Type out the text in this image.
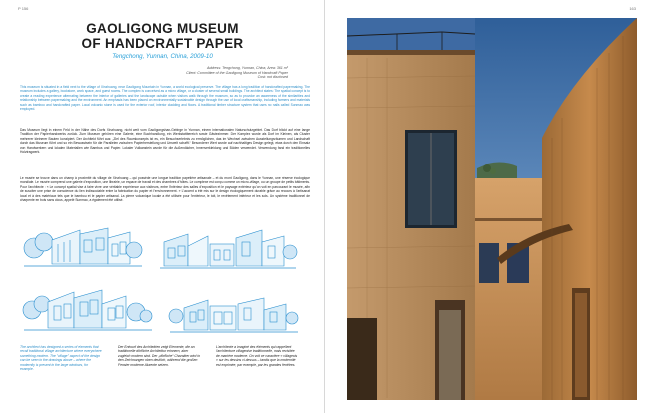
P 156
GAOLIGONG MUSEUM
OF HANDCRAFT PAPER
Tengchong, Yunnan, China, 2009-10
Address: Tengchong, Yunnan, China, Area: 361 m²
Client: Committee of the Gaoligong Museum of Handcraft Paper
Cost: not disclosed
This museum is situated in a field next to the village of Xinzhuang, near Gaoligong Mountain in Yunnan, a world ecological preserve. The village has a long tradition of handcrafted papermaking. The museum includes a gallery, bookstore, work space, and guest rooms. The complex is conceived as a micro village, or a cluster of several small buildings. The architect states: The spatial concept is to create a reading experience alternating between the interior of galleries and the landscape outside when visitors walk through the museum, so as to provoke an awareness of the similarities and relationship between papermaking and the environment. An emphasis has been placed on environmentally sustainable design through the use of local craftsmanship, including farmers and materials such as bamboo and handcrafted paper. Local volcanic stone is used for the exterior roof, interior cladding and floors. A traditional timber structure system that uses no nails called Sunmao was employed.
Das Museum liegt in einem Feld in der Nähe des Dorfs Xinzhuang, nicht weit vom Gaoligongshan-Gebirge in Yunnan, einem internationalen Naturschutzgebiet. Das Dorf blickt auf eine lange Tradition der Papierhandwerks zurück. Zum Museum gehören eine Galerie, eine Buchhandlung, ein Werkstattbereich sowie Gästezimmer. Der Komplex wurde als Dorf im Kleinen, als Cluster mehrerer kleinerer Bauten konzipiert. Der Architekt führt aus: „Ziel des Raumkonzepts ist es, ein Besuchserlebnis zu ermöglichen, das im Wechsel zwischen Ausstellungsräumen und Landschaft durch das Museum führt und so ein Bewusstsein für die Parallelen zwischen Papierherstellung und Umwelt schafft.“ Besonderer Wert wurde auf nachhaltiges Design gelegt, etwa durch den Einsatz von Handwerkern und lokalen Materialien wie Bambus und Papier. Lokaler Vulkanstein wurde für die Außendächer, Innenverkleidung und Böden verwendet. Verwendung fand ein traditionelles Holztragwerk.
Le musée se trouve dans un champ à proximité du village de Xinzhuang – qui possède une longue tradition papetière artisanale – et du mont Gaoligong, dans le Yunnan, une réserve écologique mondiale. Le musée comprend une galerie d'exposition, une librairie, un espace de travail et des chambres d'hôtes. Le complexe est conçu comme un micro-village, ou un groupe de petits bâtiments. Pour l'architecte : « Le concept spatial vise à faire vivre une véritable expérience aux visiteurs, entre l'intérieur des salles d'exposition et le paysage extérieur qu'on voit en parcourant le musée, afin de susciter une prise de conscience du lien indissociable entre la fabrication du papier et l'environnement. » L'accent a été mis sur le design écologiquement durable grâce au recours à l'artisanat local et à des matériaux tels que le bambou et le papier artisanal. La pierre volcanique locale a été utilisée pour l'extérieur, le toit, le revêtement intérieur et les sols. Un système traditionnel de charpente en bois sans clous, appelé Sunmao, a également été utilisé.
The architect has designed a series of elements that recall traditional village architecture where everywhere something modern. The "village" aspect of the design can be seen in the drawings above – where the modernity is present in the large windows, for example.
Der Entwurf des Architekten zeigt Elemente, die an traditionelle dörfliche Architektur erinnern, aber zugleich modern sind. Der „dörfliche“ Charakter wird in den Zeichnungen oben deutlich, während die großen Fenster moderne Akzente setzen.
L'architecte a imaginé des éléments qui rappellent l'architecture villageoise traditionnelle, mais revisitée de manière moderne. On voit ce caractère « villageois » sur les dessins ci-dessus – tandis que la modernité est exprimée, par exemple, par les grandes fenêtres.
163
